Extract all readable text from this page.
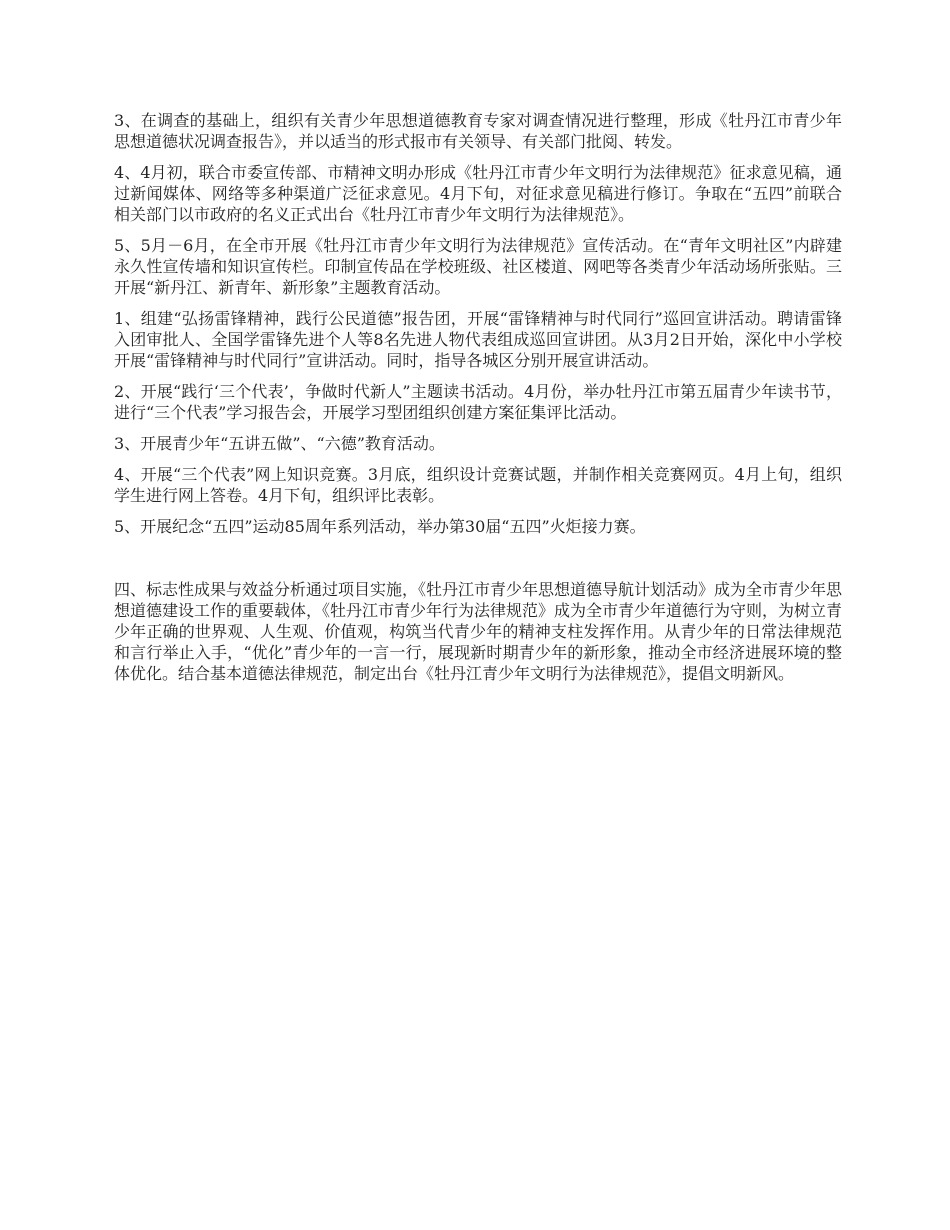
3、在调查的基础上，组织有关青少年思想道德教育专家对调查情况进行整理，形成《牡丹江市青少年思想道德状况调查报告》，并以适当的形式报市有关领导、有关部门批阅、转发。

4、4月初，联合市委宣传部、市精神文明办形成《牡丹江市青少年文明行为法律规范》征求意见稿，通过新闻媒体、网络等多种渠道广泛征求意见。4月下旬，对征求意见稿进行修订。争取在“五四”前联合相关部门以市政府的名义正式出台《牡丹江市青少年文明行为法律规范》。

5、5月－6月，在全市开展《牡丹江市青少年文明行为法律规范》宣传活动。在“青年文明社区”内辟建永久性宣传墙和知识宣传栏。印制宣传品在学校班级、社区楼道、网吧等各类青少年活动场所张贴。三开展“新丹江、新青年、新形象”主题教育活动。

1、组建“弘扬雷锋精神，践行公民道德”报告团，开展“雷锋精神与时代同行”巡回宣讲活动。聘请雷锋入团审批人、全国学雷锋先进个人等8名先进人物代表组成巡回宣讲团。从3月2日开始，深化中小学校开展“雷锋精神与时代同行”宣讲活动。同时，指导各城区分别开展宣讲活动。

2、开展“践行‘三个代表’，争做时代新人”主题读书活动。4月份，举办牡丹江市第五届青少年读书节，进行“三个代表”学习报告会，开展学习型团组织创建方案征集评比活动。

3、开展青少年“五讲五做”、“六德”教育活动。

4、开展“三个代表”网上知识竞赛。3月底，组织设计竞赛试题，并制作相关竞赛网页。4月上旬，组织学生进行网上答卷。4月下旬，组织评比表彰。

5、开展纪念“五四”运动85周年系列活动，举办第30届“五四”火炬接力赛。

四、标志性成果与效益分析通过项目实施，《牡丹江市青少年思想道德导航计划活动》成为全市青少年思想道德建设工作的重要载体，《牡丹江市青少年行为法律规范》成为全市青少年道德行为守则，为树立青少年正确的世界观、人生观、价值观，构筑当代青少年的精神支柱发挥作用。从青少年的日常法律规范和言行举止入手，“优化”青少年的一言一行，展现新时期青少年的新形象，推动全市经济进展环境的整体优化。结合基本道德法律规范，制定出台《牡丹江青少年文明行为法律规范》，提倡文明新风。
